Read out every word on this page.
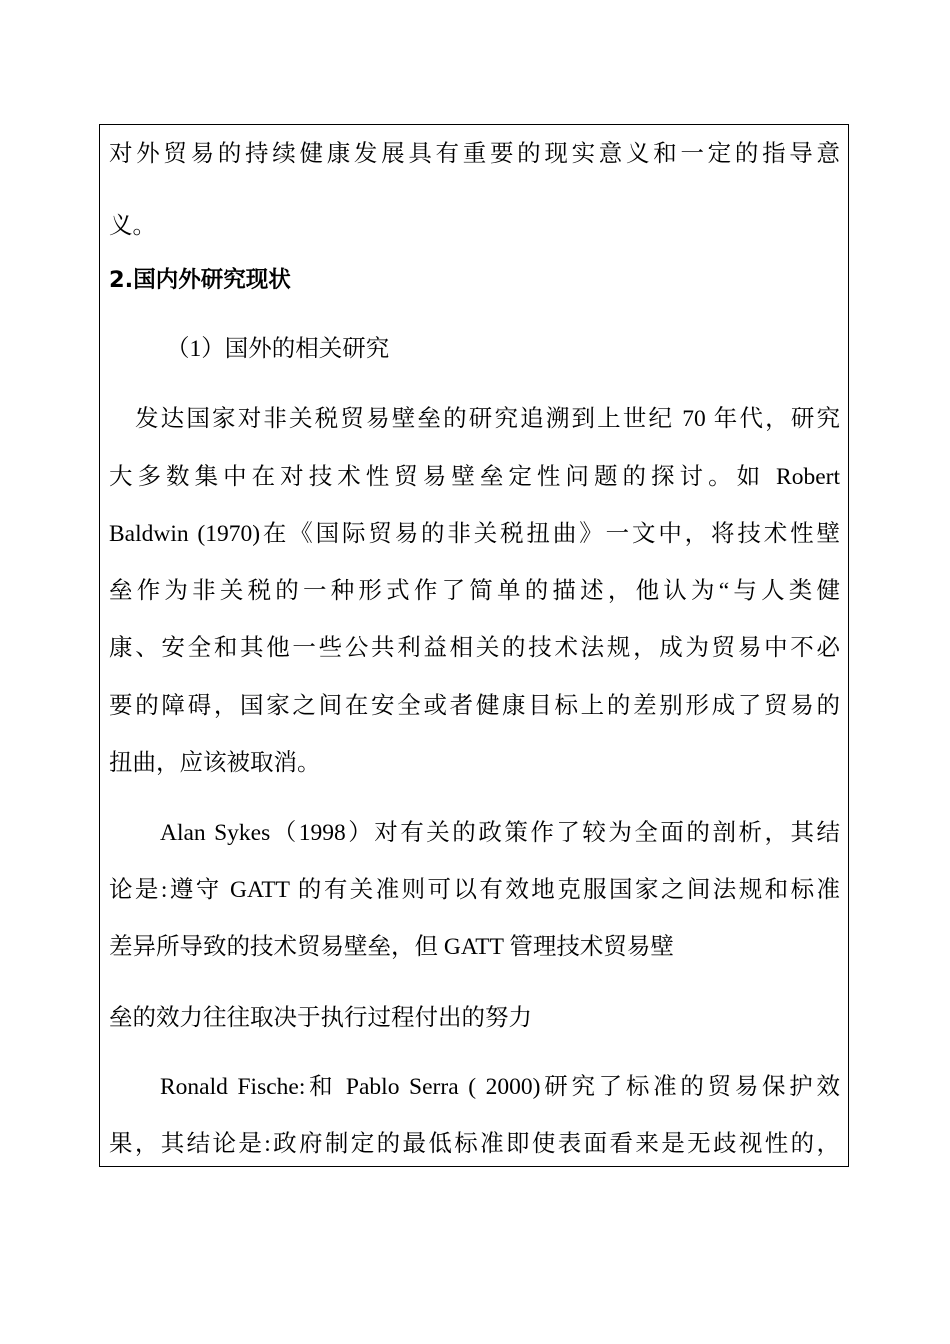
对外贸易的持续健康发展具有重要的现实意义和一定的指导意
义。
2.国内外研究现状
（1）国外的相关研究
发达国家对非关税贸易壁垒的研究追溯到上世纪 70 年代，研究
大多数集中在对技术性贸易壁垒定性问题的探讨。如 Robert
Baldwin (1970)在《国际贸易的非关税扭曲》一文中，将技术性壁
垒作为非关税的一种形式作了简单的描述，他认为“与人类健
康、安全和其他一些公共利益相关的技术法规，成为贸易中不必
要的障碍，国家之间在安全或者健康目标上的差别形成了贸易的
扭曲，应该被取消。
Alan Sykes（1998）对有关的政策作了较为全面的剖析，其结
论是:遵守 GATT 的有关准则可以有效地克服国家之间法规和标准
差异所导致的技术贸易壁垒，但 GATT 管理技术贸易壁
垒的效力往往取决于执行过程付出的努力
Ronald Fische:和 Pablo Serra ( 2000)研究了标准的贸易保护效
果，其结论是:政府制定的最低标准即使表面看来是无歧视性的，
